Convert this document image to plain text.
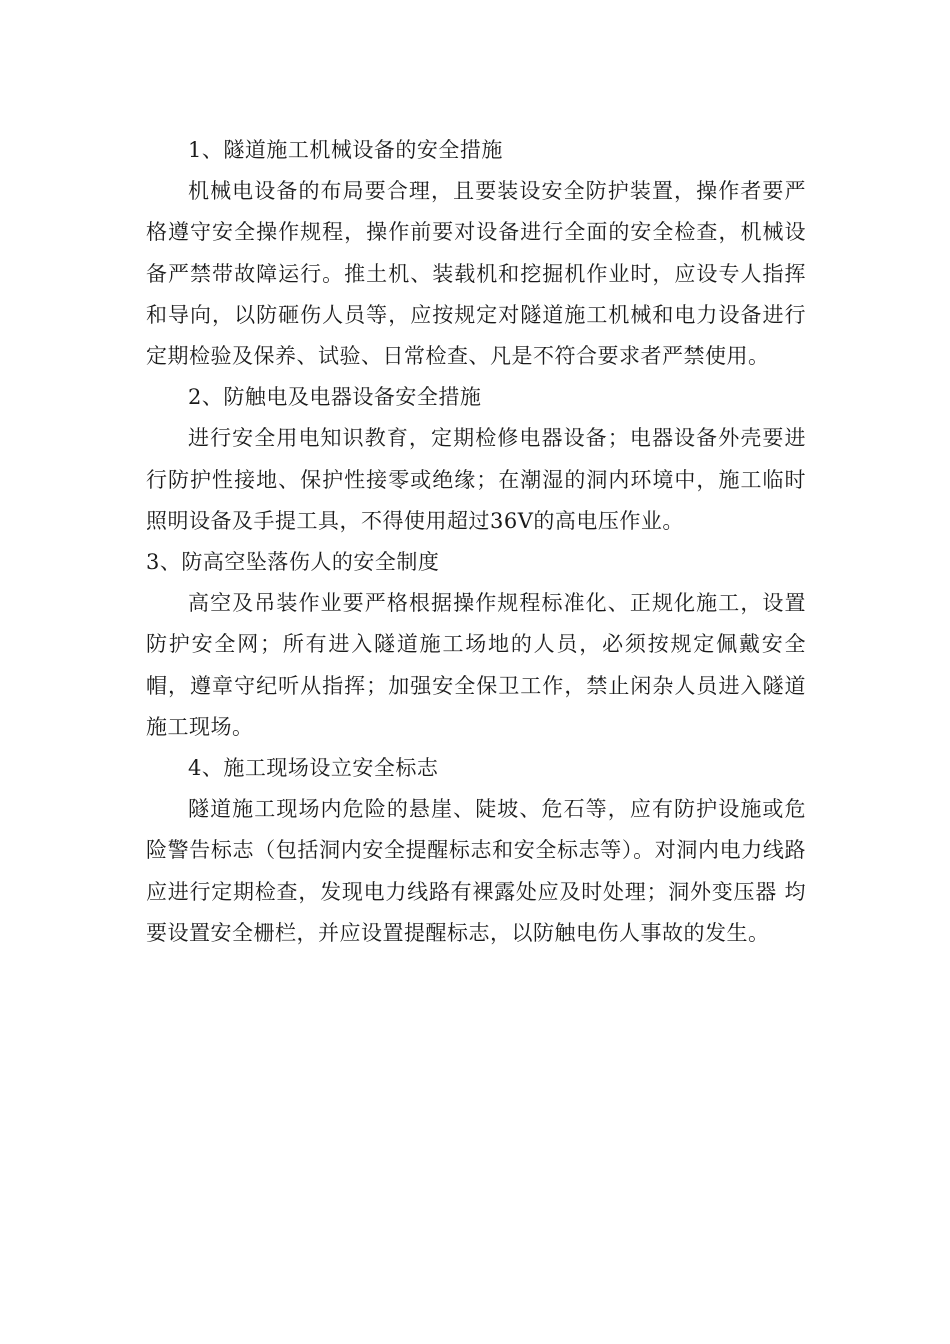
1、隧道施工机械设备的安全措施

机械电设备的布局要合理，且要装设安全防护装置，操作者要严格遵守安全操作规程，操作前要对设备进行全面的安全检查，机械设备严禁带故障运行。推土机、装载机和挖掘机作业时，应设专人指挥和导向，以防砸伤人员等，应按规定对隧道施工机械和电力设备进行定期检验及保养、试验、日常检查、凡是不符合要求者严禁使用。

2、防触电及电器设备安全措施

进行安全用电知识教育，定期检修电器设备；电器设备外壳要进行防护性接地、保护性接零或绝缘；在潮湿的洞内环境中，施工临时照明设备及手提工具，不得使用超过36V的高电压作业。

3、防高空坠落伤人的安全制度

高空及吊装作业要严格根据操作规程标准化、正规化施工，设置防护安全网；所有进入隧道施工场地的人员，必须按规定佩戴安全帽，遵章守纪听从指挥；加强安全保卫工作，禁止闲杂人员进入隧道施工现场。

4、施工现场设立安全标志

隧道施工现场内危险的悬崖、陡坡、危石等，应有防护设施或危险警告标志（包括洞内安全提醒标志和安全标志等）。对洞内电力线路应进行定期检查，发现电力线路有裸露处应及时处理；洞外变压器 均要设置安全栅栏，并应设置提醒标志，以防触电伤人事故的发生。
